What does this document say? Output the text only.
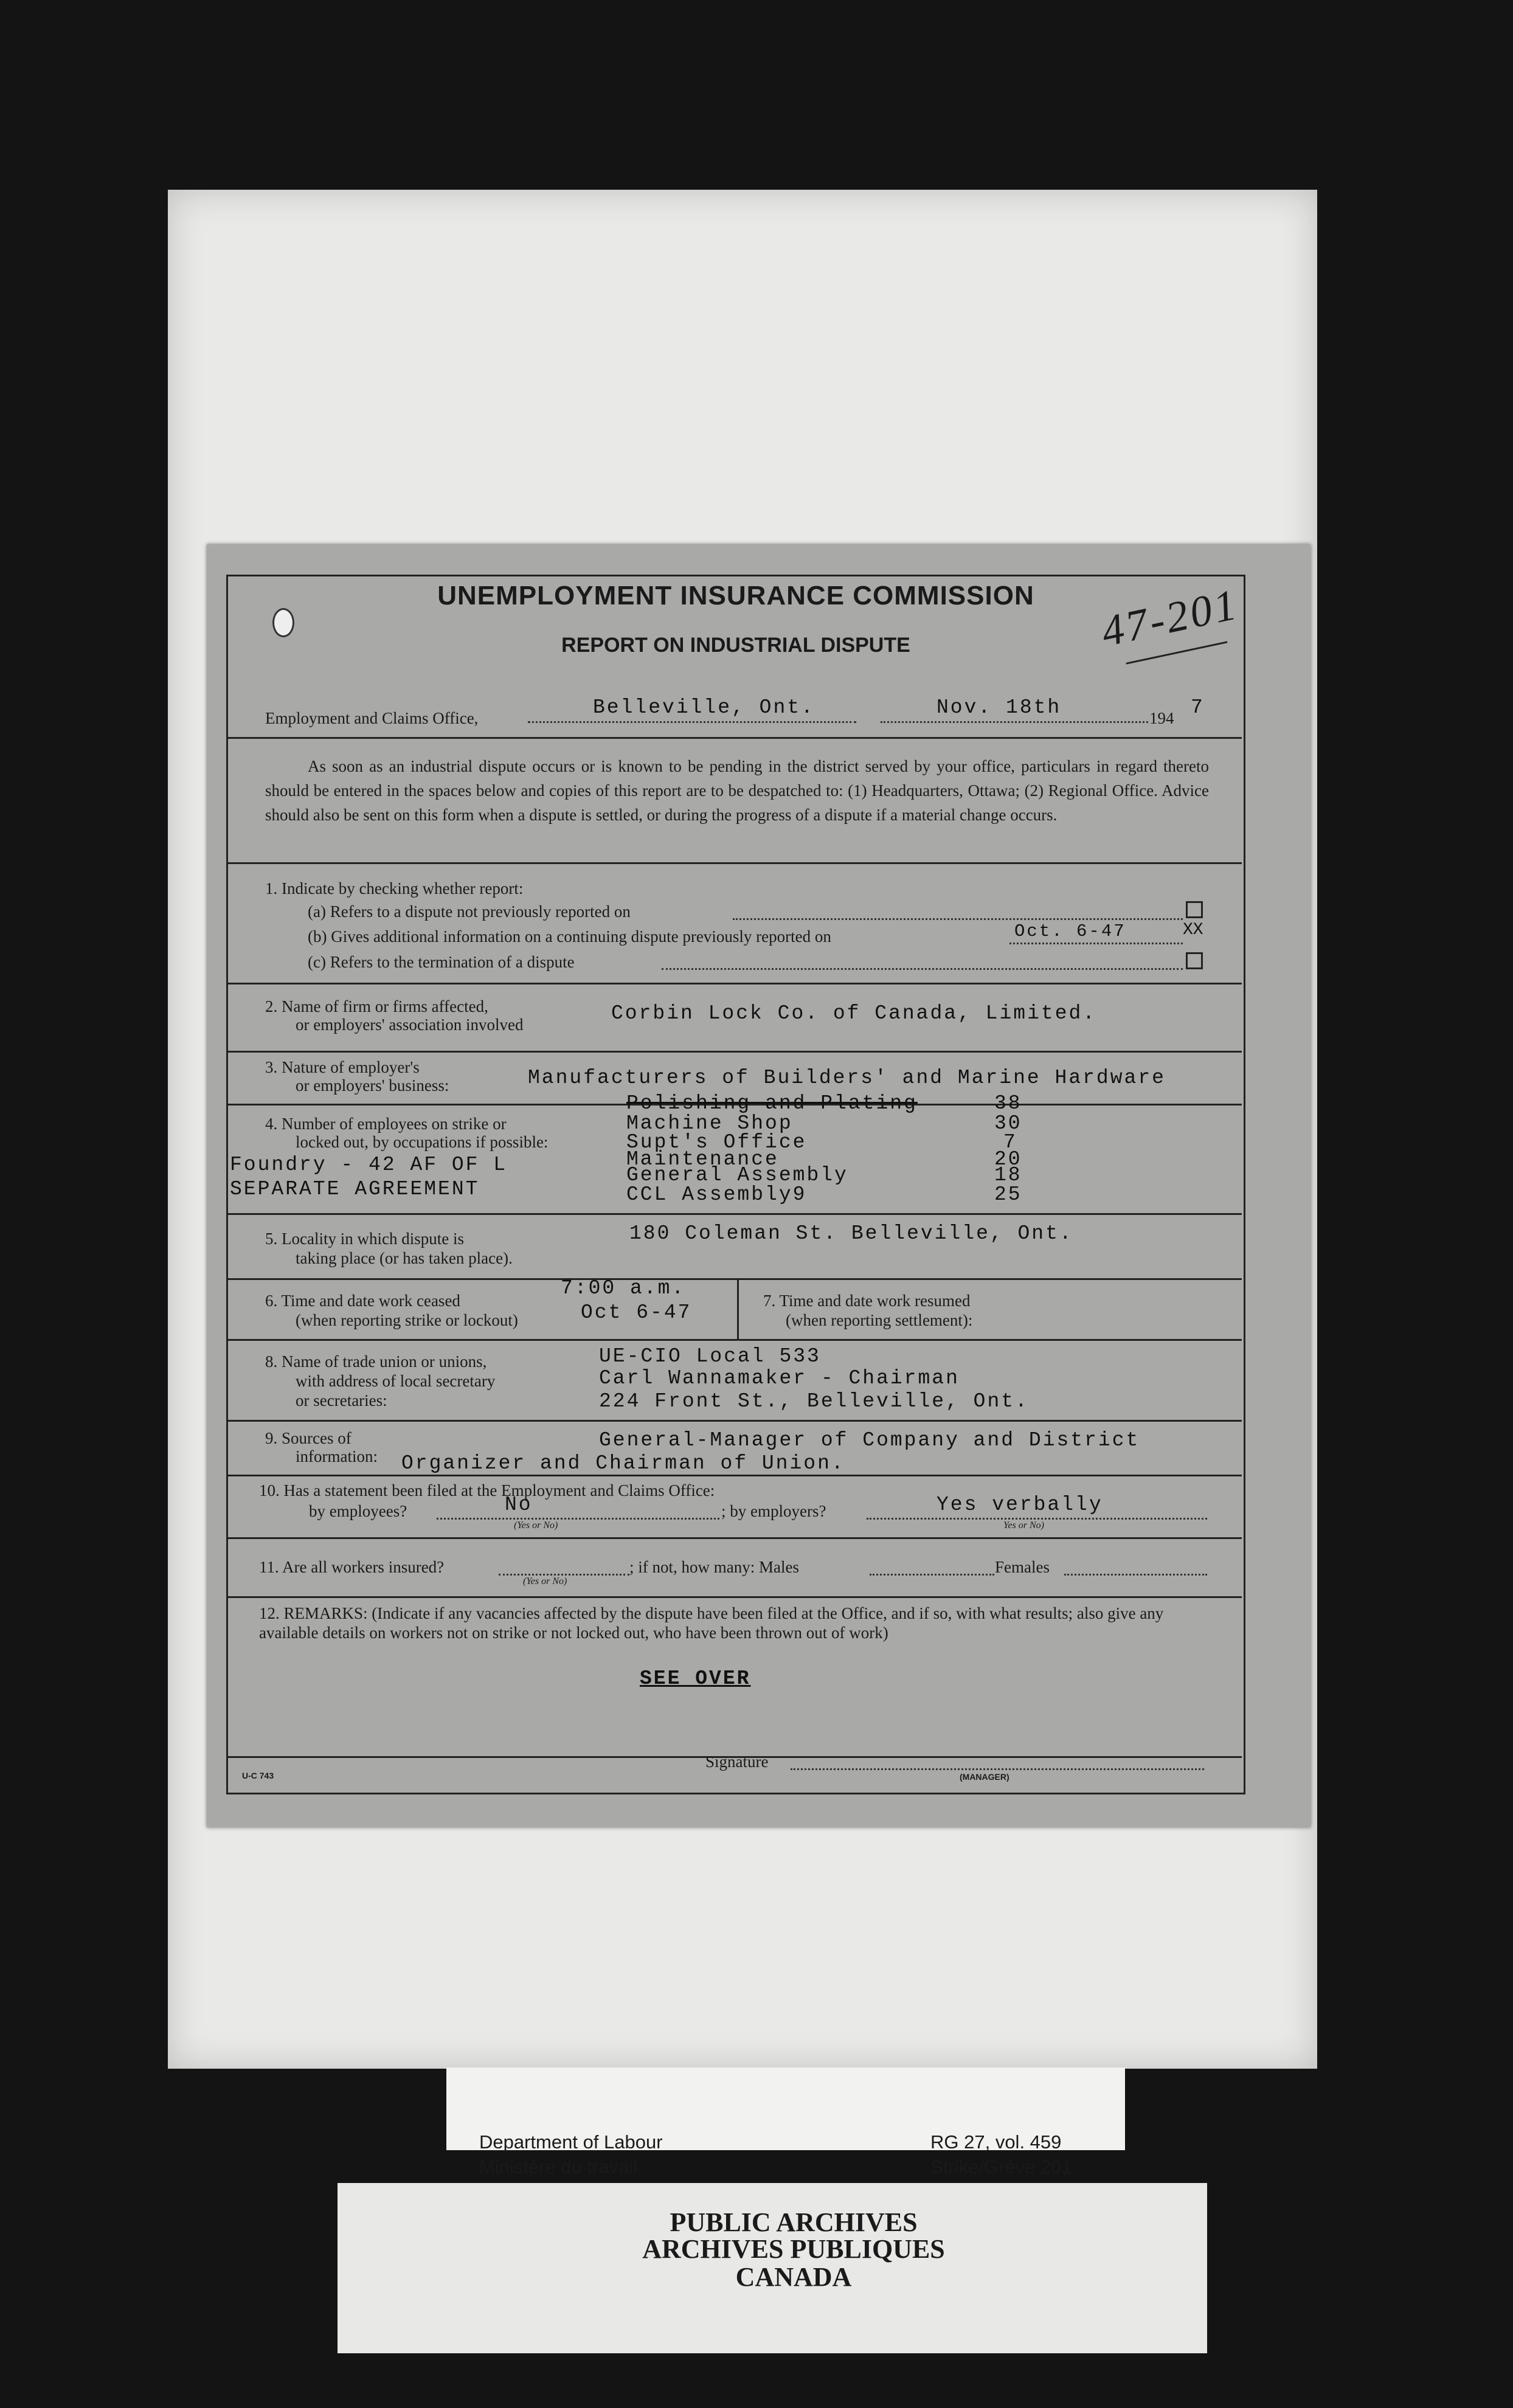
UNEMPLOYMENT INSURANCE COMMISSION
REPORT ON INDUSTRIAL DISPUTE	47-201
Employment and Claims Office,	Belleville, Ont.	Nov. 18th	194 7
As soon as an industrial dispute occurs or is known to be pending in the district served by your office, particulars in regard thereto should be entered in the spaces below and copies of this report are to be despatched to: (1) Headquarters, Ottawa; (2) Regional Office. Advice should also be sent on this form when a dispute is settled, or during the progress of a dispute if a material change occurs.
1. Indicate by checking whether report:
(a) Refers to a dispute not previously reported on
(b) Gives additional information on a continuing dispute previously reported on	Oct. 6-47	XX
(c) Refers to the termination of a dispute
2. Name of firm or firms affected,
or employers' association involved	Corbin Lock Co. of Canada, Limited.
3. Nature of employer's
or employers' business:	Manufacturers of Builders' and Marine Hardware
4. Number of employees on strike or
locked out, by occupations if possible:
Foundry - 42 AF OF L
SEPARATE AGREEMENT
Polishing and Plating	38
Machine Shop	30
Supt's Office	7
Maintenance	20
General Assembly	18
CCL Assembly9	25
5. Locality in which dispute is
taking place (or has taken place).
180 Coleman St. Belleville, Ont.
6. Time and date work ceased
(when reporting strike or lockout)
7:00 a.m.
Oct 6-47
7. Time and date work resumed
(when reporting settlement):
8. Name of trade union or unions,
with address of local secretary
or secretaries:
UE-CIO Local 533
Carl Wannamaker - Chairman
224 Front St., Belleville, Ont.
9. Sources of
information:
General-Manager of Company and District
Organizer and Chairman of Union.
10. Has a statement been filed at the Employment and Claims Office:
by employees?	No
(Yes or No)
; by employers?	Yes verbally
Yes or No)
11. Are all workers insured?
(Yes or No)
; if not, how many: Males	Females
12. REMARKS: (Indicate if any vacancies affected by the dispute have been filed at the Office, and if so, with what results; also give any available details on workers not on strike or not locked out, who have been thrown out of work)
SEE OVER
U-C 743
Signature
(MANAGER)
Department of Labour
Ministère du travail
RG 27, vol. 459
Strike/Grève 201
PUBLIC ARCHIVES
ARCHIVES PUBLIQUES
CANADA
